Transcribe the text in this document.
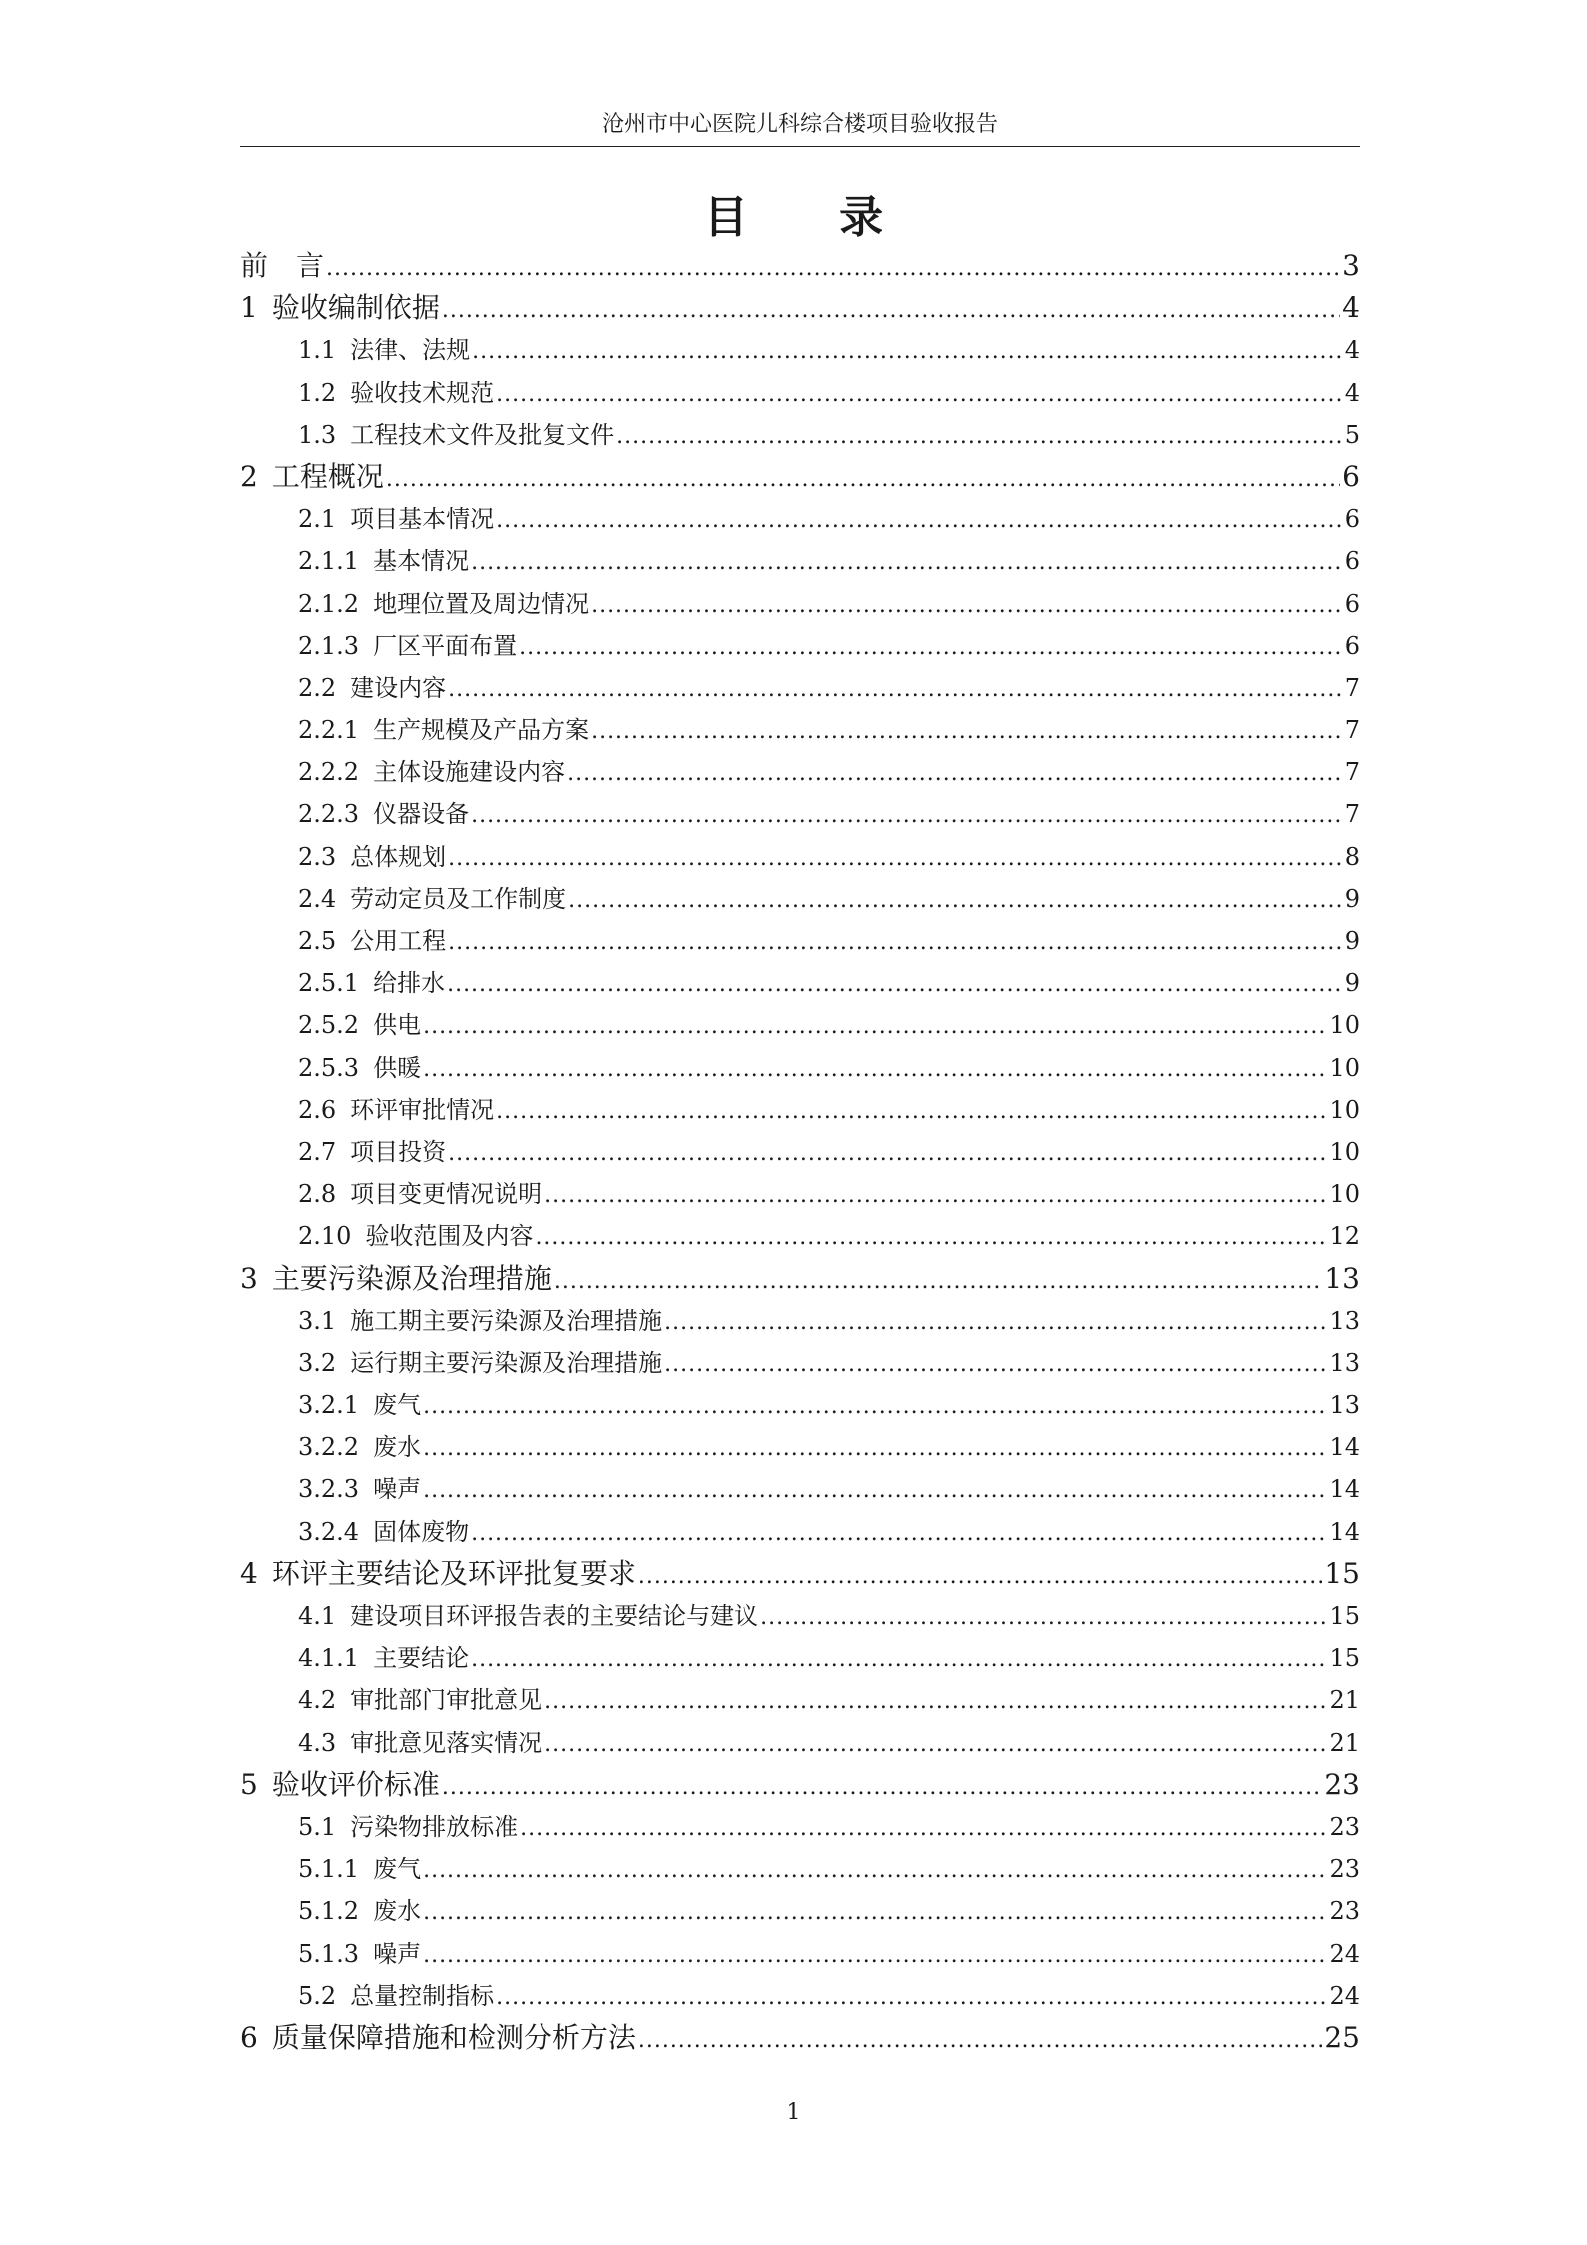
沧州市中心医院儿科综合楼项目验收报告
目 录
前　言 .....	3
1 验收编制依据 .....	4
1.1 法律、法规 .....	4
1.2 验收技术规范 .....	4
1.3 工程技术文件及批复文件 .....	5
2 工程概况 .....	6
2.1 项目基本情况 .....	6
2.1.1 基本情况 .....	6
2.1.2 地理位置及周边情况 .....	6
2.1.3 厂区平面布置 .....	6
2.2 建设内容 .....	7
2.2.1 生产规模及产品方案 .....	7
2.2.2 主体设施建设内容 .....	7
2.2.3 仪器设备 .....	7
2.3 总体规划 .....	8
2.4 劳动定员及工作制度 .....	9
2.5 公用工程 .....	9
2.5.1 给排水 .....	9
2.5.2 供电 .....	10
2.5.3 供暖 .....	10
2.6 环评审批情况 .....	10
2.7 项目投资 .....	10
2.8 项目变更情况说明 .....	10
2.10 验收范围及内容 .....	12
3 主要污染源及治理措施 .....	13
3.1 施工期主要污染源及治理措施 .....	13
3.2 运行期主要污染源及治理措施 .....	13
3.2.1 废气 .....	13
3.2.2 废水 .....	14
3.2.3 噪声 .....	14
3.2.4 固体废物 .....	14
4 环评主要结论及环评批复要求 .....	15
4.1 建设项目环评报告表的主要结论与建议 .....	15
4.1.1 主要结论 .....	15
4.2 审批部门审批意见 .....	21
4.3 审批意见落实情况 .....	21
5 验收评价标准 .....	23
5.1 污染物排放标准 .....	23
5.1.1 废气 .....	23
5.1.2 废水 .....	23
5.1.3 噪声 .....	24
5.2 总量控制指标 .....	24
6 质量保障措施和检测分析方法 .....	25
1
